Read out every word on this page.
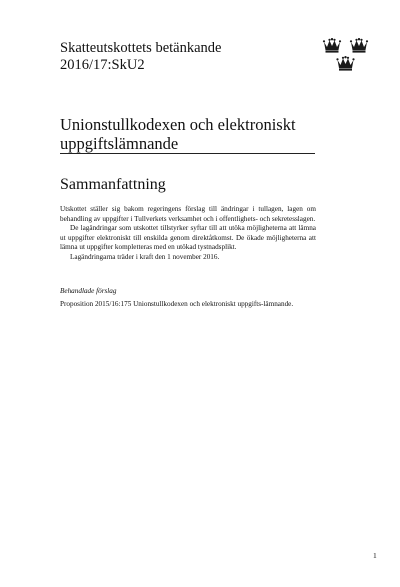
Skatteutskottets betänkande
2016/17:SkU2
Unionstullkodexen och elektroniskt
uppgiftslämnande
Sammanfattning

Utskottet ställer sig bakom regeringens förslag till ändringar i tullagen, lagen om behandling av uppgifter i Tullverkets verksamhet och i offentlighets- och sekretesslagen.

De lagändringar som utskottet tillstyrker syftar till att utöka möjligheterna att lämna ut uppgifter elektroniskt till enskilda genom direktåtkomst. De ökade möjligheterna att lämna ut uppgifter kompletteras med en utökad tystnadsplikt.

Lagändringarna träder i kraft den 1 november 2016.

Behandlade förslag
Proposition 2015/16:175 Unionstullkodexen och elektroniskt uppgifts-lämnande.
1
